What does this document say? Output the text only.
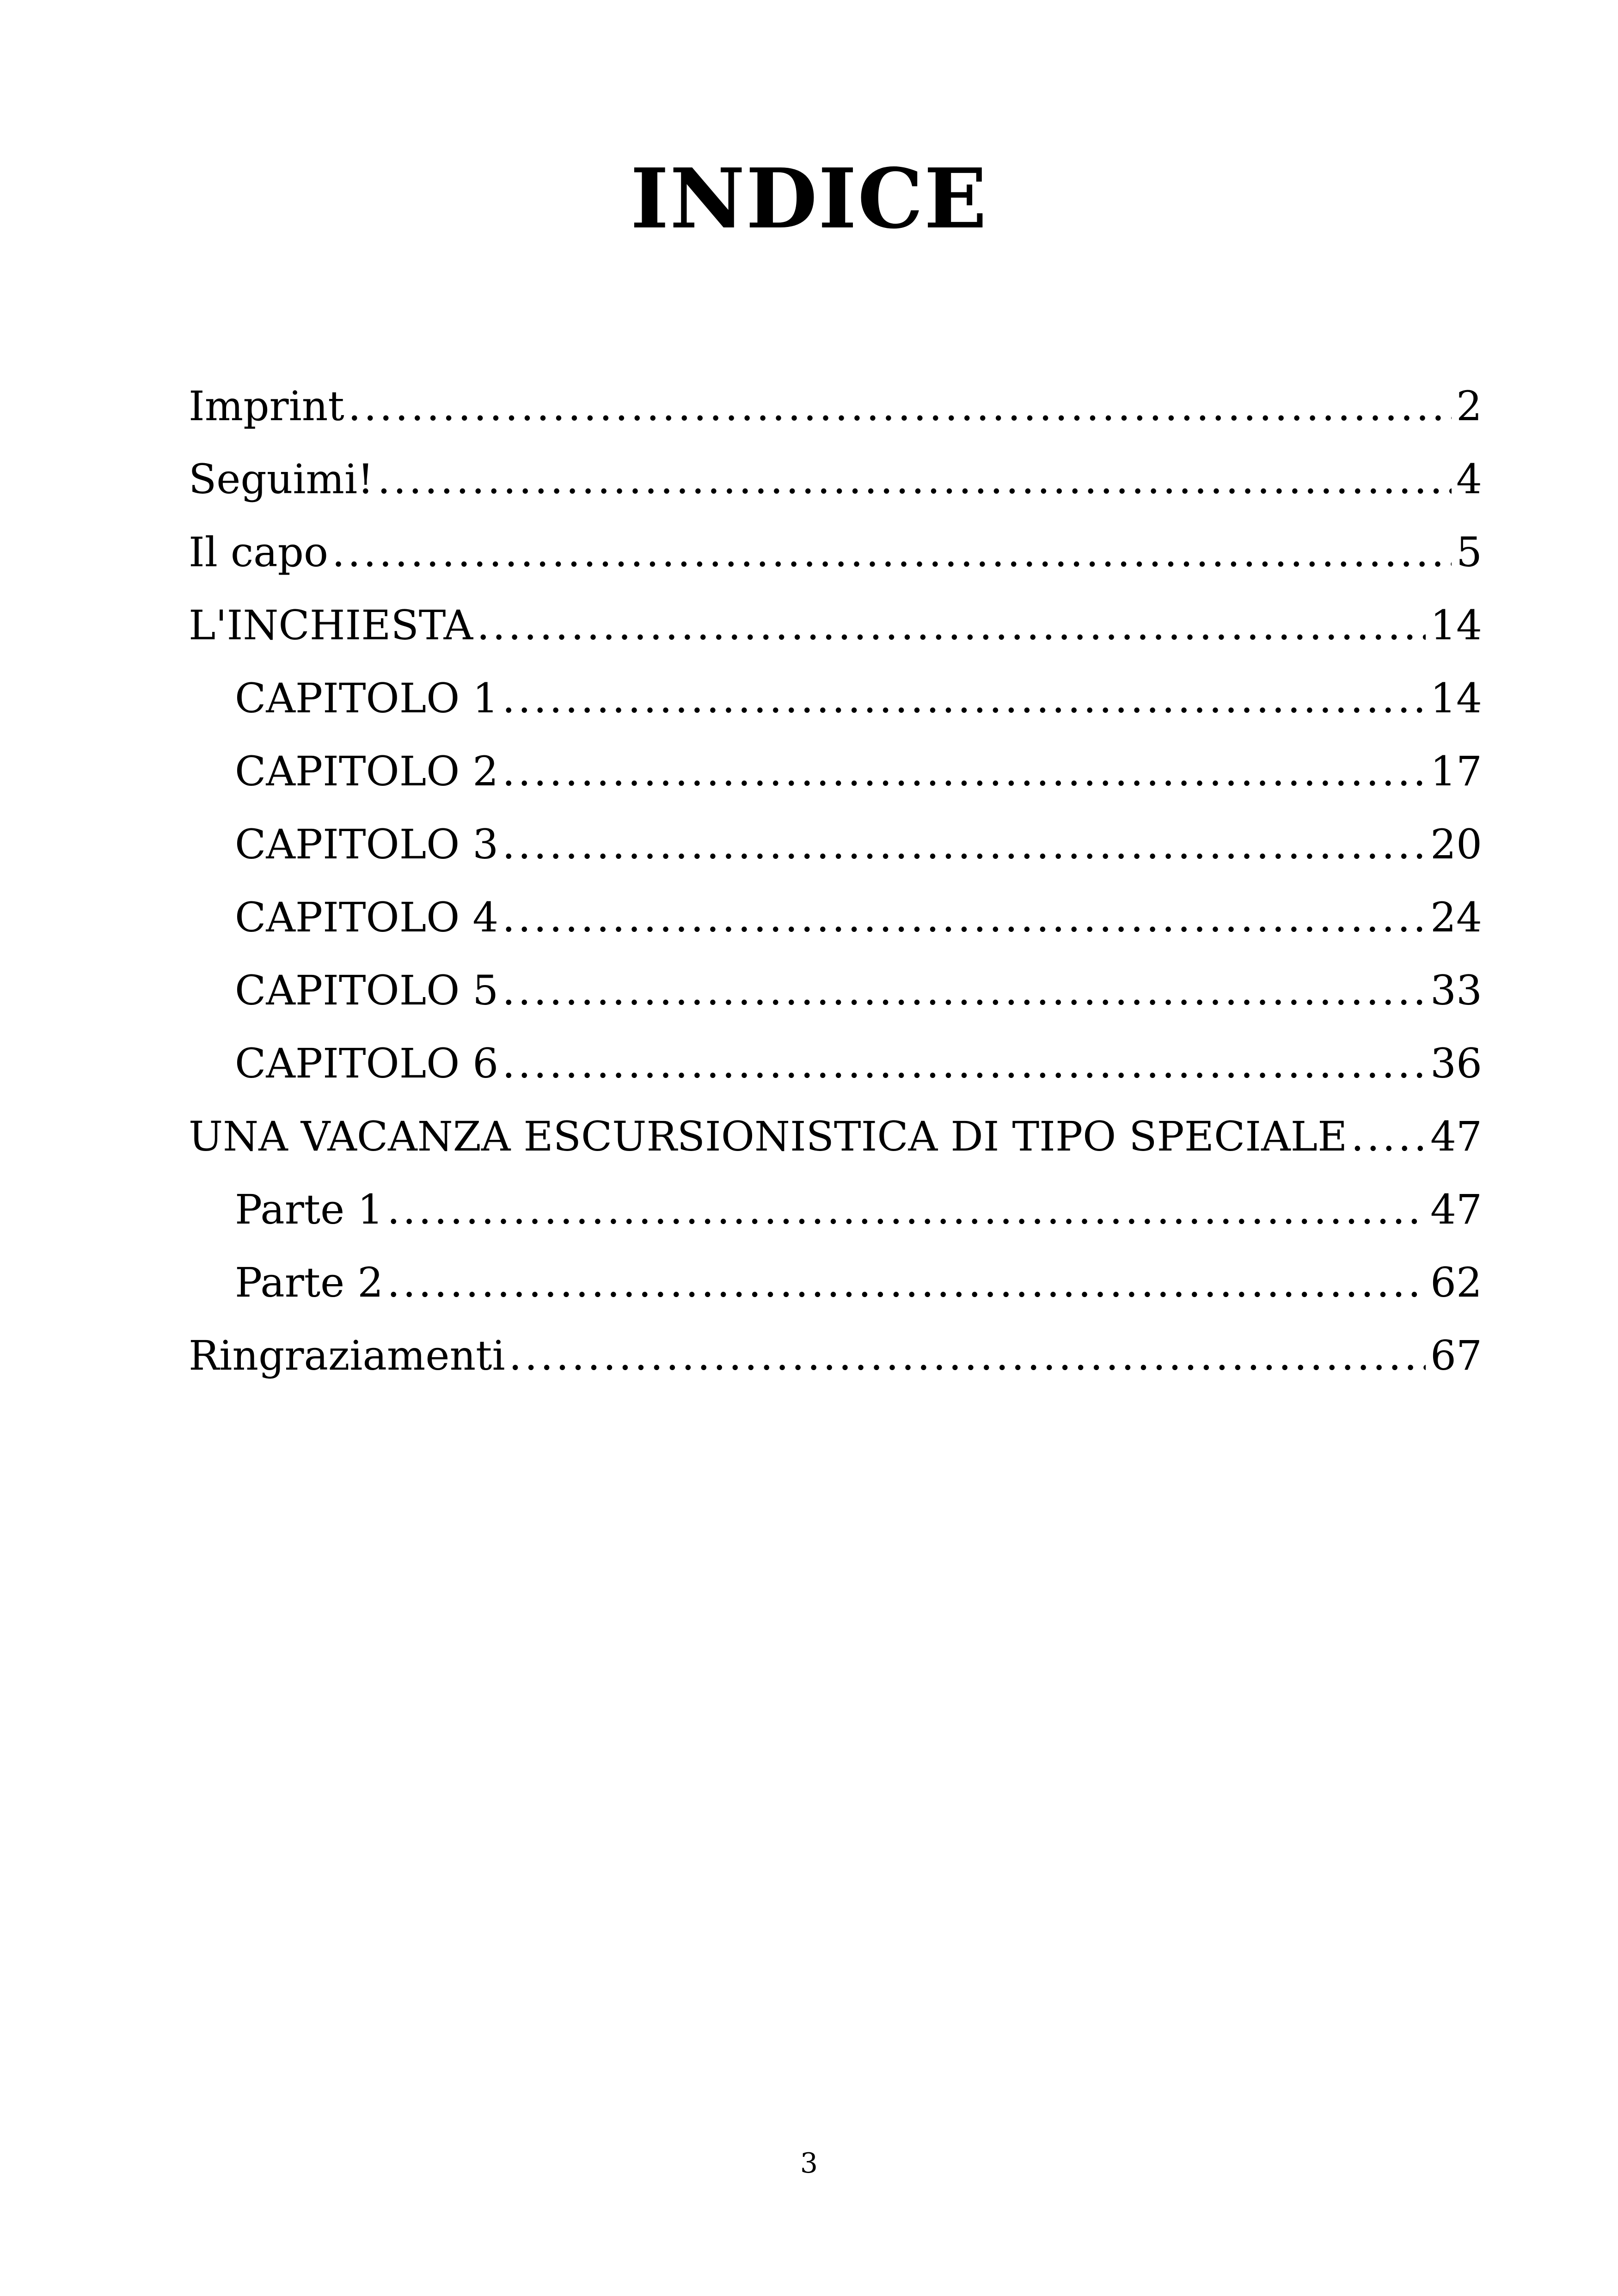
INDICE
Imprint .....	2
Seguimi! .....	4
Il capo .....	5
L'INCHIESTA .....	14
CAPITOLO 1 .....	14
CAPITOLO 2 .....	17
CAPITOLO 3 .....	20
CAPITOLO 4 .....	24
CAPITOLO 5 .....	33
CAPITOLO 6 .....	36
UNA VACANZA ESCURSIONISTICA DI TIPO SPECIALE ..... 47
Parte 1 .....	47
Parte 2 .....	62
Ringraziamenti .....	67
3
